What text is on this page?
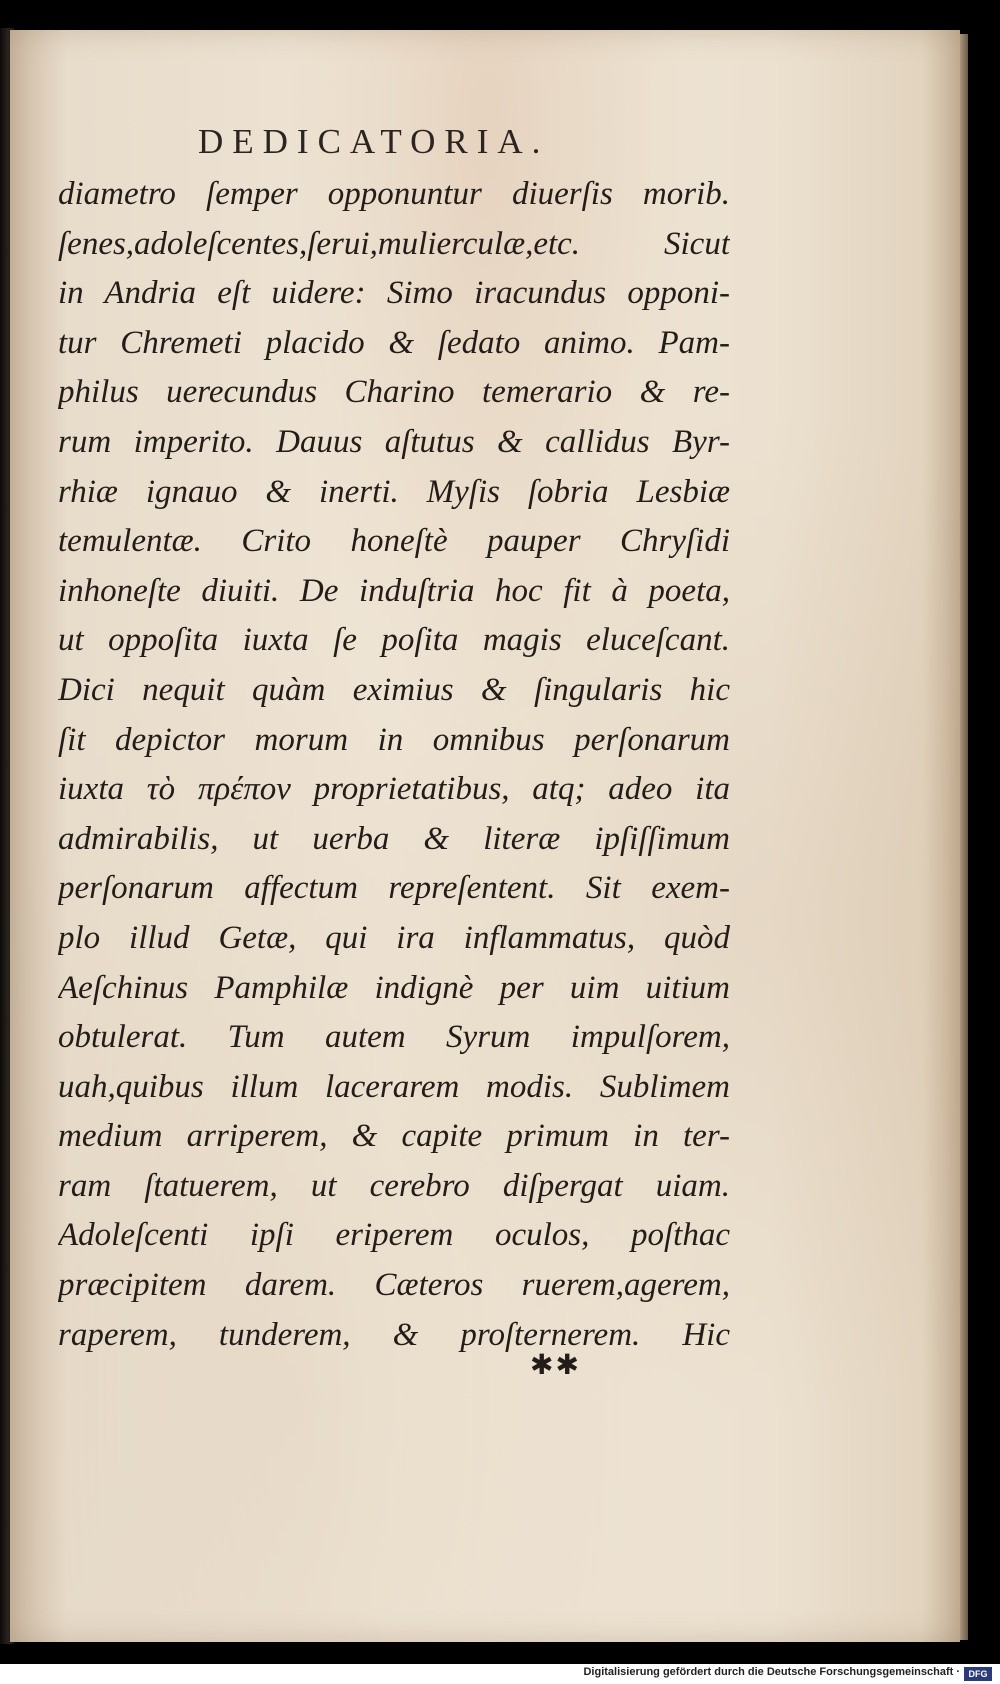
DEDICATORIA.
diametro ſemper opponuntur diuerſis morib.
ſenes,adoleſcentes,ſerui,mulierculæ,etc. Sicut
in Andria eſt uidere: Simo iracundus opponi-
tur Chremeti placido & ſedato animo. Pam-
philus uerecundus Charino temerario & re-
rum imperito. Dauus aſtutus & callidus Byr-
rhiæ ignauo & inerti. Myſis ſobria Lesbiæ
temulentæ. Crito honeſtè pauper Chryſidi
inhoneſte diuiti. De induſtria hoc fit à poeta,
ut oppoſita iuxta ſe poſita magis eluceſcant.
Dici nequit quàm eximius & ſingularis hic
ſit depictor morum in omnibus perſonarum
iuxta τὸ πρέπον proprietatibus, atq; adeo ita
admirabilis, ut uerba & literæ ipſiſſimum
perſonarum affectum repreſentent. Sit exem-
plo illud Getæ, qui ira inflammatus, quòd
Aeſchinus Pamphilæ indignè per uim uitium
obtulerat. Tum autem Syrum impulſorem,
uah,quibus illum lacerarem modis. Sublimem
medium arriperem, & capite primum in ter-
ram ſtatuerem, ut cerebro diſpergat uiam.
Adoleſcenti ipſi eriperem oculos, poſthac
præcipitem darem. Cæteros ruerem,agerem,
raperem, tunderem, & proſternerem. Hic
✱✱
Digitalisierung gefördert durch die Deutsche Forschungsgemeinschaft · DFG
